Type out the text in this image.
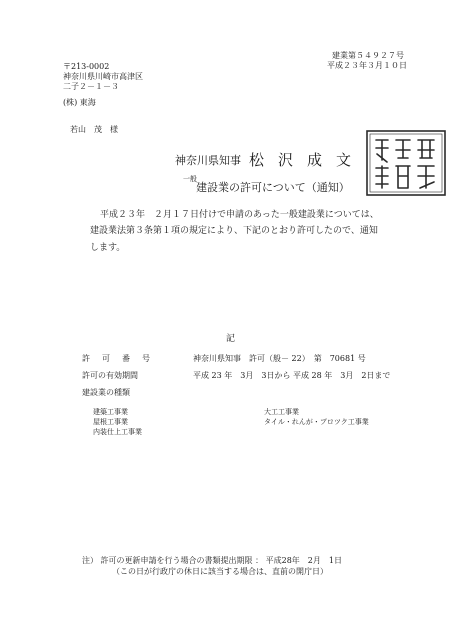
建業第５４９２７号
平成２３年３月１０日
〒213-0002
神奈川県川崎市高津区
二子２－１－３
(株) 東海
若山　茂　様
神奈川県知事 松沢成文
一般
建設業の許可について（通知）
平成２３年　２月１７日付けで申請のあった一般建設業については、
建設業法第３条第１項の規定により、下記のとおり許可したので、通知
します。
記
許　可　番　号	神奈川県知事　許可（般－ 22）　第　70681 号
許可の有効期間	平成 23 年　3月　3日から 平成 28 年　3月　2日まで
建設業の種類
建築工事業
屋根工事業
内装仕上工事業
大工工事業
タイル・れんが・ブロツク工事業
注） 許可の更新申請を行う場合の書類提出期限 ： 平成28年　2月　1日
（この日が行政庁の休日に該当する場合は、直前の開庁日）
